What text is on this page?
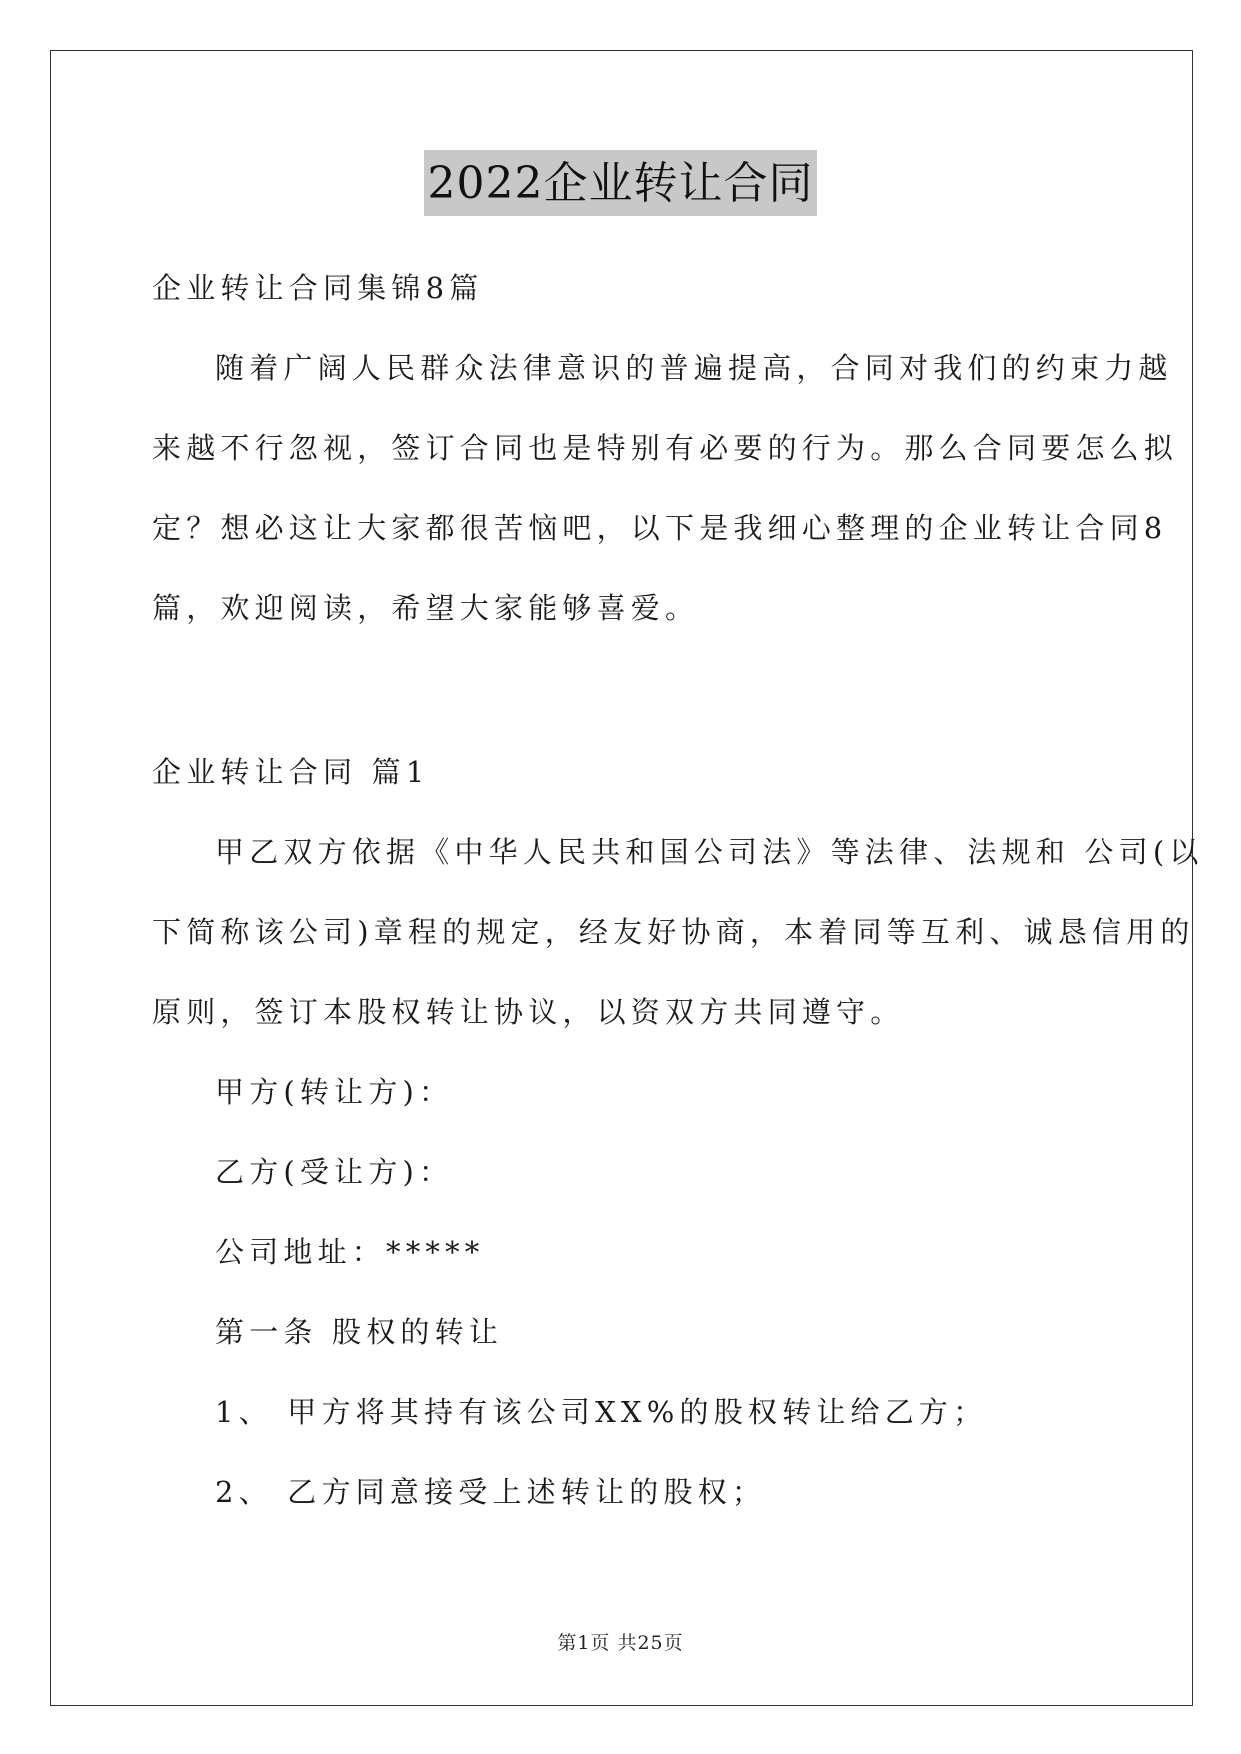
2022企业转让合同
企业转让合同集锦8篇
随着广阔人民群众法律意识的普遍提高，合同对我们的约束力越
来越不行忽视，签订合同也是特别有必要的行为。那么合同要怎么拟
定？想必这让大家都很苦恼吧，以下是我细心整理的企业转让合同8
篇，欢迎阅读，希望大家能够喜爱。
企业转让合同 篇1
甲乙双方依据《中华人民共和国公司法》等法律、法规和 公司(以
下简称该公司)章程的规定，经友好协商，本着同等互利、诚恳信用的
原则，签订本股权转让协议，以资双方共同遵守。
甲方(转让方)：
乙方(受让方)：
公司地址：*****
第一条 股权的转让
1、 甲方将其持有该公司XX%的股权转让给乙方；
2、 乙方同意接受上述转让的股权；
第1页 共25页
